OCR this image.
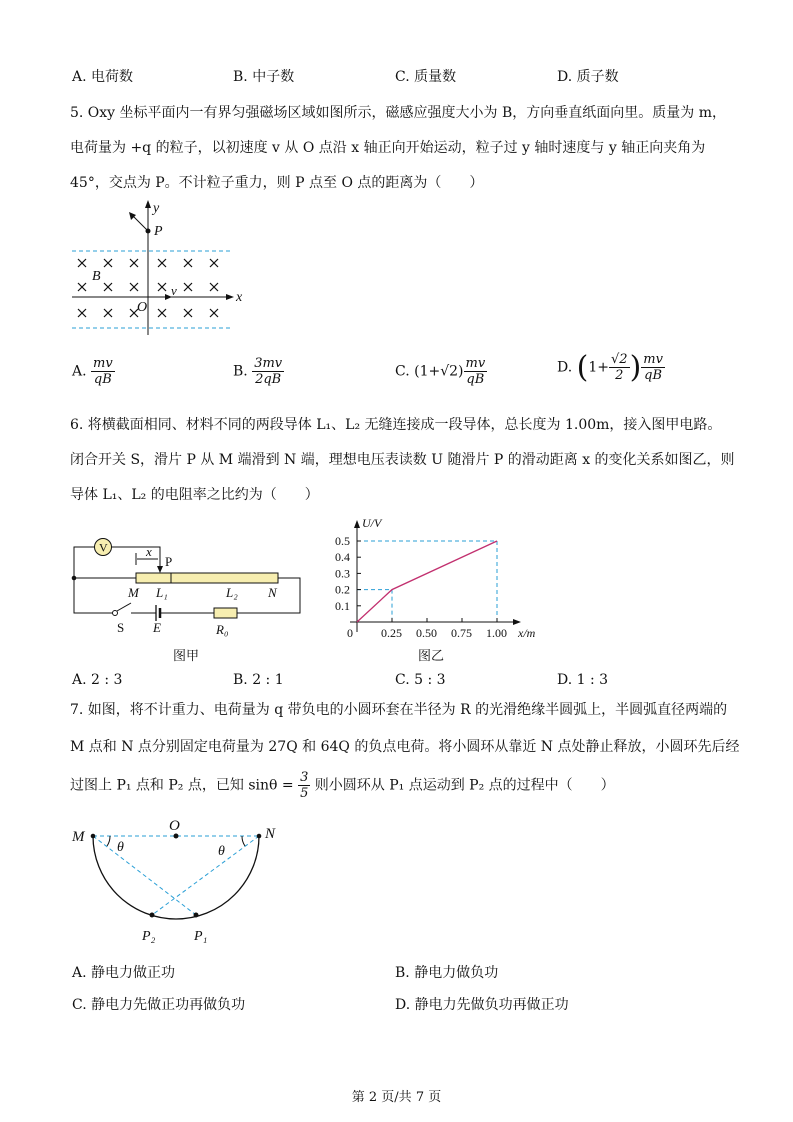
A. 电荷数	B. 中子数	C. 质量数	D. 质子数
5. Oxy 坐标平面内一有界匀强磁场区域如图所示，磁感应强度大小为 B，方向垂直纸面向里。质量为 m，
电荷量为 +q 的粒子，以初速度 v 从 O 点沿 x 轴正向开始运动，粒子过 y 轴时速度与 y 轴正向夹角为
45°，交点为 P。不计粒子重力，则 P 点至 O 点的距离为（　　）
y
x
P
B
O
v
A. $\frac{mv}{qB}$	B. $\frac{3mv}{2qB}$	C. $(1+√2) \frac{mv}{qB}$	D. ($1+ \frac{√2}{2}$ ) $\frac{mv}{qB}$
6. 将横截面相同、材料不同的两段导体 L₁、L₂ 无缝连接成一段导体，总长度为 1.00m，接入图甲电路。
闭合开关 S，滑片 P 从 M 端滑到 N 端，理想电压表读数 U 随滑片 P 的滑动距离 x 的变化关系如图乙，则
导体 L₁、L₂ 的电阻率之比约为（　　）
V	x
P
M L₁	L₂ N
S E	R₀
图甲
0.25 0.50 0.75 1.00
0.1
0.2
0.3
0.4
0.5
U/V
x/m
0
图乙
A. 2 : 3	B. 2 : 1	C. 5 : 3	D. 1 : 3
7. 如图，将不计重力、电荷量为 q 带负电的小圆环套在半径为 R 的光滑绝缘半圆弧上，半圆弧直径两端的
M 点和 N 点分别固定电荷量为 27Q 和 64Q 的负点电荷。将小圆环从靠近 N 点处静止释放，小圆环先后经
过图上 P₁ 点和 P₂ 点，已知 $\sin\theta = \frac{3}{5}$ 则小圆环从 P₁ 点运动到 P₂ 点的过程中（　　）
M
O	N
θ	θ
P₂	P₁
A. 静电力做正功	B. 静电力做负功
C. 静电力先做正功再做负功	D. 静电力先做负功再做正功
第 2 页/共 7 页
